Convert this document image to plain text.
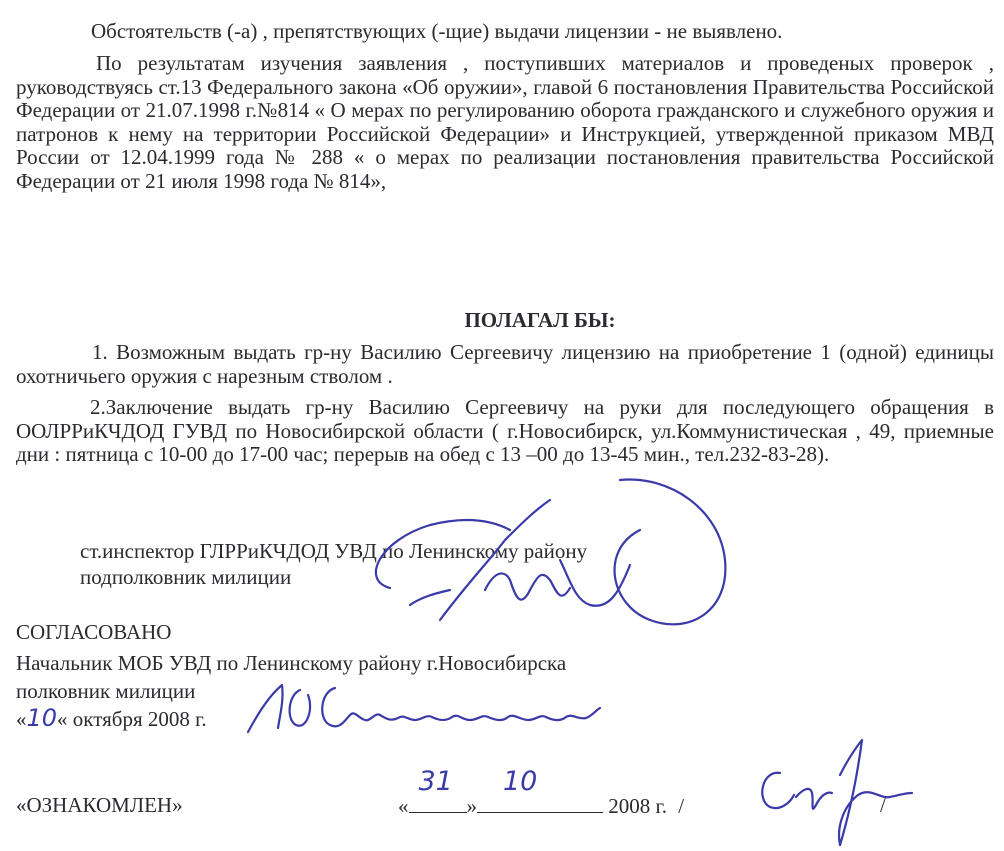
Обстоятельств (-а) , препятствующих (-щие) выдачи лицензии - не выявлено.

По результатам изучения заявления , поступивших материалов и проведеных проверок , руководствуясь ст.13 Федерального закона «Об оружии», главой 6 постановления Правительства Российской Федерации от 21.07.1998 г.№814 « О мерах по регулированию оборота гражданского и служебного оружия и патронов к нему на территории Российской Федерации» и Инструкцией, утвержденной приказом МВД России от 12.04.1999 года № 288 « о мерах по реализации постановления правительства Российской Федерации от 21 июля 1998 года № 814»,

ПОЛАГАЛ БЫ:

1. Возможным выдать гр-ну Василию Сергеевичу лицензию на приобретение 1 (одной) единицы охотничьего оружия с нарезным стволом .

2.Заключение выдать гр-ну Василию Сергеевичу на руки для последующего обращения в ООЛРРиКЧДОД ГУВД по Новосибирской области ( г.Новосибирск, ул.Коммунистическая , 49, приемные дни : пятница с 10-00 до 17-00 час; перерыв на обед с 13 –00 до 13-45 мин., тел.232-83-28).

ст.инспектор ГЛРРиКЧДОД УВД по Ленинскому району

подполковник милиции

СОГЛАСОВАНО

Начальник МОБ УВД по Ленинскому району г.Новосибирска

полковник милиции

«10« октября 2008 г.

«ОЗНАКОМЛЕН»	«
31
»
10
2008 г. /	/
